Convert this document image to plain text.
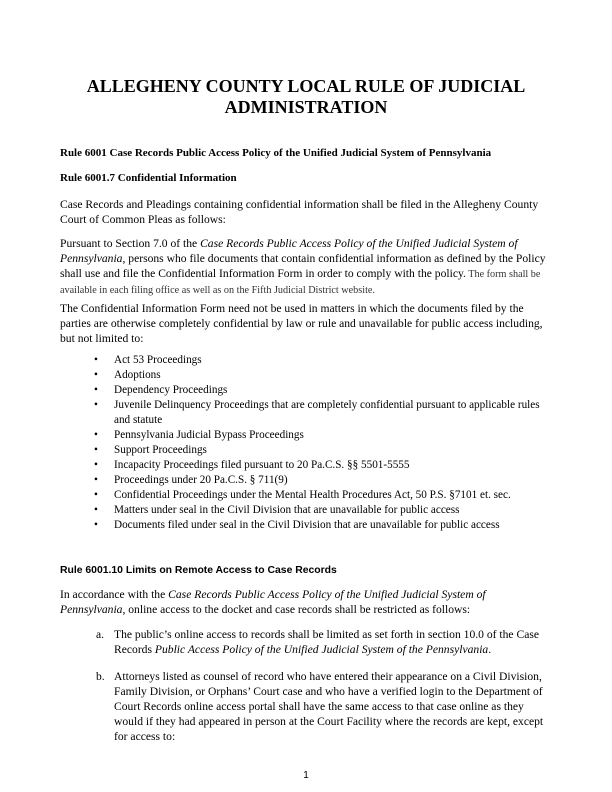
ALLEGHENY COUNTY LOCAL RULE OF JUDICIAL ADMINISTRATION
Rule 6001 Case Records Public Access Policy of the Unified Judicial System of Pennsylvania
Rule 6001.7 Confidential Information
Case Records and Pleadings containing confidential information shall be filed in the Allegheny County Court of Common Pleas as follows:
Pursuant to Section 7.0 of the Case Records Public Access Policy of the Unified Judicial System of Pennsylvania, persons who file documents that contain confidential information as defined by the Policy shall use and file the Confidential Information Form in order to comply with the policy. The form shall be available in each filing office as well as on the Fifth Judicial District website.
The Confidential Information Form need not be used in matters in which the documents filed by the parties are otherwise completely confidential by law or rule and unavailable for public access including, but not limited to:
• Act 53 Proceedings
• Adoptions
• Dependency Proceedings
• Juvenile Delinquency Proceedings that are completely confidential pursuant to applicable rules and statute
• Pennsylvania Judicial Bypass Proceedings
• Support Proceedings
• Incapacity Proceedings filed pursuant to 20 Pa.C.S. §§ 5501-5555
• Proceedings under 20 Pa.C.S. § 711(9)
• Confidential Proceedings under the Mental Health Procedures Act, 50 P.S. §7101 et. sec.
• Matters under seal in the Civil Division that are unavailable for public access
• Documents filed under seal in the Civil Division that are unavailable for public access
Rule 6001.10 Limits on Remote Access to Case Records
In accordance with the Case Records Public Access Policy of the Unified Judicial System of Pennsylvania, online access to the docket and case records shall be restricted as follows:
a. The public’s online access to records shall be limited as set forth in section 10.0 of the Case Records Public Access Policy of the Unified Judicial System of the Pennsylvania.
b. Attorneys listed as counsel of record who have entered their appearance on a Civil Division, Family Division, or Orphans’ Court case and who have a verified login to the Department of Court Records online access portal shall have the same access to that case online as they would if they had appeared in person at the Court Facility where the records are kept, except for access to:
1
